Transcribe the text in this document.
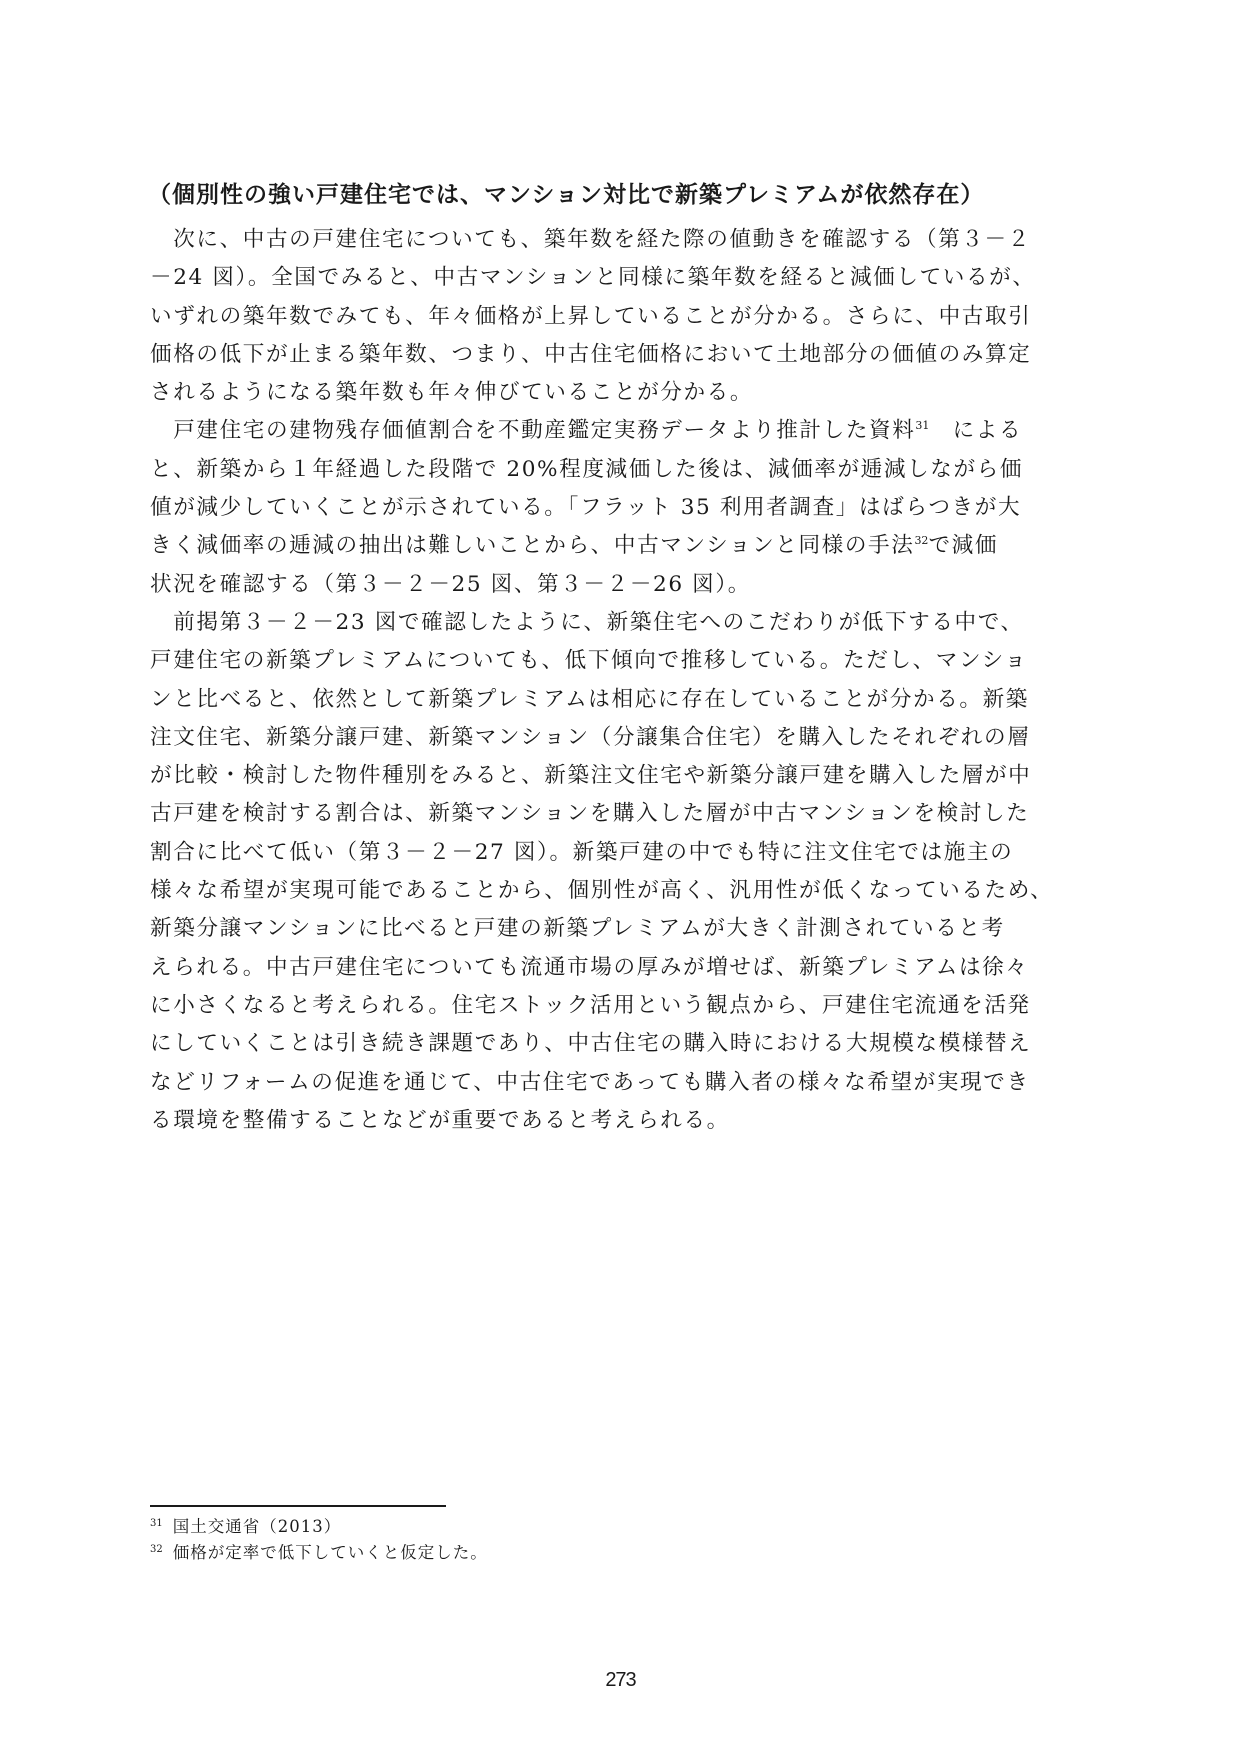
（個別性の強い戸建住宅では、マンション対比で新築プレミアムが依然存在）
　次に、中古の戸建住宅についても、築年数を経た際の値動きを確認する（第３－２
－24 図）。全国でみると、中古マンションと同様に築年数を経ると減価しているが、
いずれの築年数でみても、年々価格が上昇していることが分かる。さらに、中古取引
価格の低下が止まる築年数、つまり、中古住宅価格において土地部分の価値のみ算定
されるようになる築年数も年々伸びていることが分かる。
　戸建住宅の建物残存価値割合を不動産鑑定実務データより推計した資料$^{31}$　による
と、新築から１年経過した段階で 20%程度減価した後は、減価率が逓減しながら価
値が減少していくことが示されている。「フラット 35 利用者調査」はばらつきが大
きく減価率の逓減の抽出は難しいことから、中古マンションと同様の手法$^{32}$で減価
状況を確認する（第３－２－25 図、第３－２－26 図）。
　前掲第３－２－23 図で確認したように、新築住宅へのこだわりが低下する中で、
戸建住宅の新築プレミアムについても、低下傾向で推移している。ただし、マンショ
ンと比べると、依然として新築プレミアムは相応に存在していることが分かる。新築
注文住宅、新築分譲戸建、新築マンション（分譲集合住宅）を購入したそれぞれの層
が比較・検討した物件種別をみると、新築注文住宅や新築分譲戸建を購入した層が中
古戸建を検討する割合は、新築マンションを購入した層が中古マンションを検討した
割合に比べて低い（第３－２－27 図）。新築戸建の中でも特に注文住宅では施主の
様々な希望が実現可能であることから、個別性が高く、汎用性が低くなっているため、
新築分譲マンションに比べると戸建の新築プレミアムが大きく計測されていると考
えられる。中古戸建住宅についても流通市場の厚みが増せば、新築プレミアムは徐々
に小さくなると考えられる。住宅ストック活用という観点から、戸建住宅流通を活発
にしていくことは引き続き課題であり、中古住宅の購入時における大規模な模様替え
などリフォームの促進を通じて、中古住宅であっても購入者の様々な希望が実現でき
る環境を整備することなどが重要であると考えられる。
$^{31}$ 国土交通省（2013）
$^{32}$ 価格が定率で低下していくと仮定した。
273
